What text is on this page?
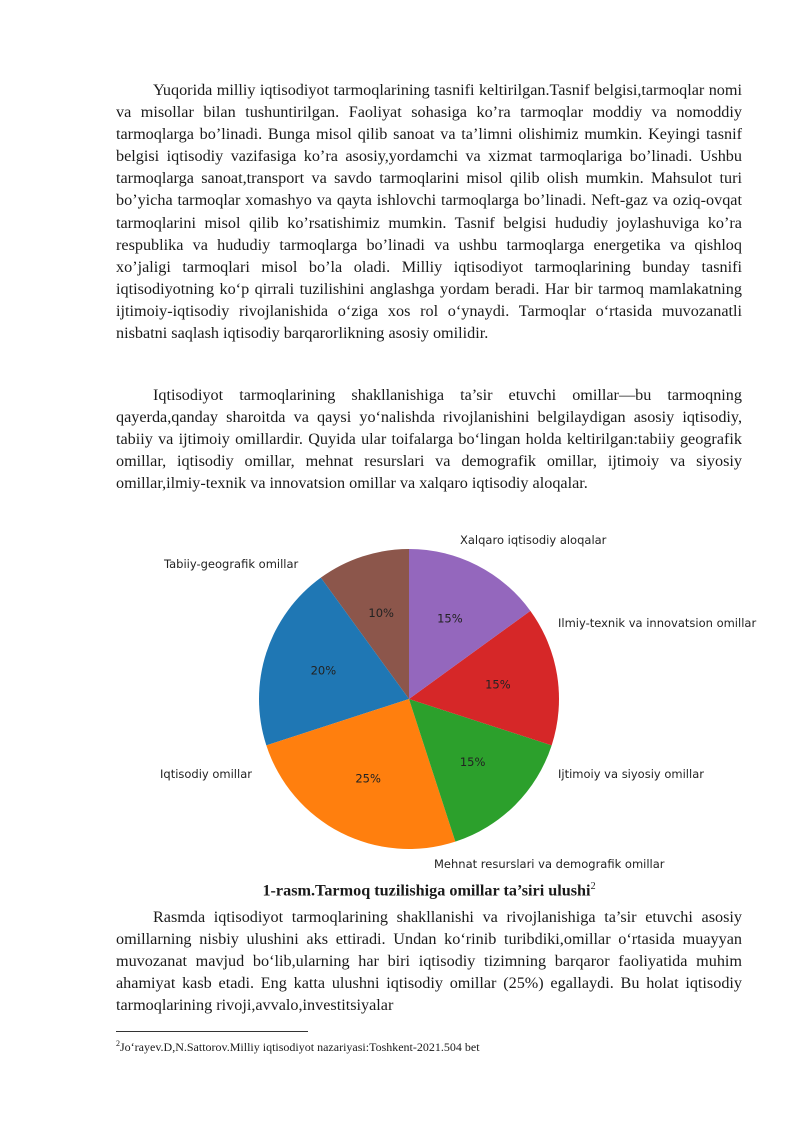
Yuqorida milliy iqtisodiyot tarmoqlarining tasnifi keltirilgan.Tasnif belgisi,tarmoqlar nomi va misollar bilan tushuntirilgan. Faoliyat sohasiga ko’ra tarmoqlar moddiy va nomoddiy tarmoqlarga bo’linadi. Bunga misol qilib sanoat va ta’limni olishimiz mumkin. Keyingi tasnif belgisi iqtisodiy vazifasiga ko’ra asosiy,yordamchi va xizmat tarmoqlariga bo’linadi. Ushbu tarmoqlarga sanoat,transport va savdo tarmoqlarini misol qilib olish mumkin. Mahsulot turi bo’yicha tarmoqlar xomashyo va qayta ishlovchi tarmoqlarga bo’linadi. Neft-gaz va oziq-ovqat tarmoqlarini misol qilib ko’rsatishimiz mumkin. Tasnif belgisi hududiy joylashuviga ko’ra respublika va hududiy tarmoqlarga bo’linadi va ushbu tarmoqlarga energetika va qishloq xo’jaligi tarmoqlari misol bo’la oladi. Milliy iqtisodiyot tarmoqlarining bunday tasnifi iqtisodiyotning ko‘p qirrali tuzilishini anglashga yordam beradi. Har bir tarmoq mamlakatning ijtimoiy-iqtisodiy rivojlanishida o‘ziga xos rol o‘ynaydi. Tarmoqlar o‘rtasida muvozanatli nisbatni saqlash iqtisodiy barqarorlikning asosiy omilidir.

Iqtisodiyot tarmoqlarining shakllanishiga ta’sir etuvchi omillar—bu tarmoqning qayerda,qanday sharoitda va qaysi yo‘nalishda rivojlanishini belgilaydigan asosiy iqtisodiy, tabiiy va ijtimoiy omillardir. Quyida ular toifalarga bo‘lingan holda keltirilgan:tabiiy geografik omillar, iqtisodiy omillar, mehnat resurslari va demografik omillar, ijtimoiy va siyosiy omillar,ilmiy-texnik va innovatsion omillar va xalqaro iqtisodiy aloqalar.

10%
Xalqaro iqtisodiy aloqalar
20%
Tabiiy-geografik omillar
25%
Iqtisodiy omillar
15%
Mehnat resurslari va demografik omillar
15%
Ijtimoiy va siyosiy omillar
15%	Ilmiy-texnik va innovatsion omillar

1-rasm.Tarmoq tuzilishiga omillar ta’siri ulushi$^2$

Rasmda iqtisodiyot tarmoqlarining shakllanishi va rivojlanishiga ta’sir etuvchi asosiy omillarning nisbiy ulushini aks ettiradi. Undan ko‘rinib turibdiki,omillar o‘rtasida muayyan muvozanat mavjud bo‘lib,ularning har biri iqtisodiy tizimning barqaror faoliyatida muhim ahamiyat kasb etadi. Eng katta ulushni iqtisodiy omillar (25%) egallaydi. Bu holat iqtisodiy tarmoqlarining rivoji,avvalo,investitsiyalar

$^2$Jo‘rayev.D,N.Sattorov.Milliy iqtisodiyot nazariyasi:Toshkent-2021.504 bet
